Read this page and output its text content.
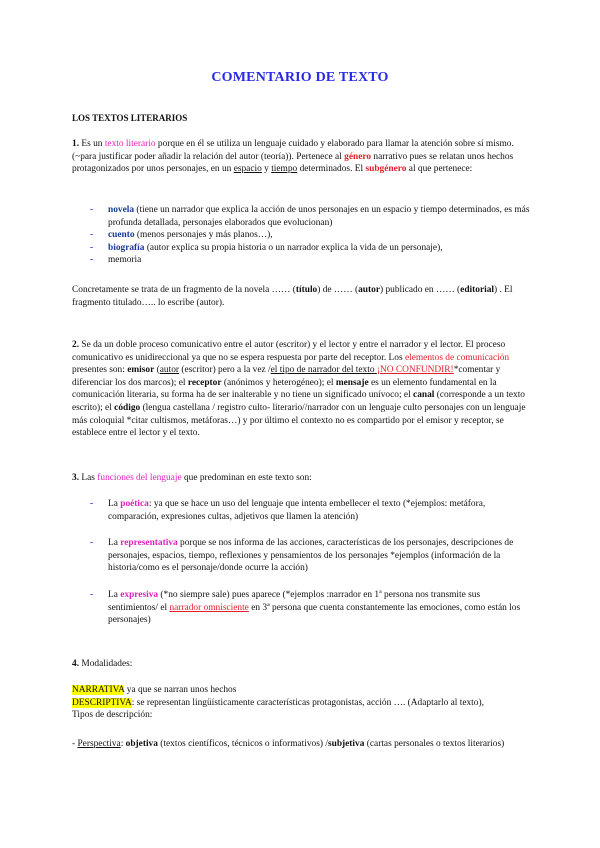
COMENTARIO DE TEXTO
LOS TEXTOS LITERARIOS

1. Es un texto literario porque en él se utiliza un lenguaje cuidado y elaborado para llamar la atención sobre sí mismo. (~para justificar poder añadir la relación del autor (teoría)). Pertenece al género narrativo pues se relatan unos hechos protagonizados por unos personajes, en un espacio y tiempo determinados. El subgénero al que pertenece:

- novela (tiene un narrador que explica la acción de unos personajes en un espacio y tiempo determinados, es más profunda detallada, personajes elaborados que evolucionan)
- cuento (menos personajes y más planos…),
- biografía (autor explica su propia historia o un narrador explica la vida de un personaje),
- memoria

Concretamente se trata de un fragmento de la novela …… (título) de …… (autor) publicado en …… (editorial) . El fragmento titulado….. lo escribe (autor).

2. Se da un doble proceso comunicativo entre el autor (escritor) y el lector y entre el narrador y el lector. El proceso comunicativo es unidireccional ya que no se espera respuesta por parte del receptor. Los elementos de comunicación presentes son: emisor (autor (escritor) pero a la vez /el tipo de narrador del texto ¡NO CONFUNDIR!*comentar y diferenciar los dos marcos); el receptor (anónimos y heterogéneo); el mensaje es un elemento fundamental en la comunicación literaria, su forma ha de ser inalterable y no tiene un significado unívoco; el canal (corresponde a un texto escrito); el código (lengua castellana / registro culto- literario//narrador con un lenguaje culto personajes con un lenguaje más coloquial *citar cultismos, metáforas…) y por último el contexto no es compartido por el emisor y receptor, se establece entre el lector y el texto.

3. Las funciones del lenguaje que predominan en este texto son:

- La poética: ya que se hace un uso del lenguaje que intenta embellecer el texto (*ejemplos: metáfora, comparación, expresiones cultas, adjetivos que llamen la atención)
- La representativa porque se nos informa de las acciones, características de los personajes, descripciones de personajes, espacios, tiempo, reflexiones y pensamientos de los personajes *ejemplos (información de la historia/como es el personaje/donde ocurre la acción)
- La expresiva (*no siempre sale) pues aparece (*ejemplos :narrador en 1ª persona nos transmite sus sentimientos/ el narrador omnisciente en 3ª persona que cuenta constantemente las emociones, como están los personajes)

4. Modalidades:

NARRATIVA ya que se narran unos hechos

DESCRIPTIVA: se representan lingüísticamente características protagonistas, acción …. (Adaptarlo al texto),

Tipos de descripción:

- Perspectiva: objetiva (textos científicos, técnicos o informativos) /subjetiva (cartas personales o textos literarios)
